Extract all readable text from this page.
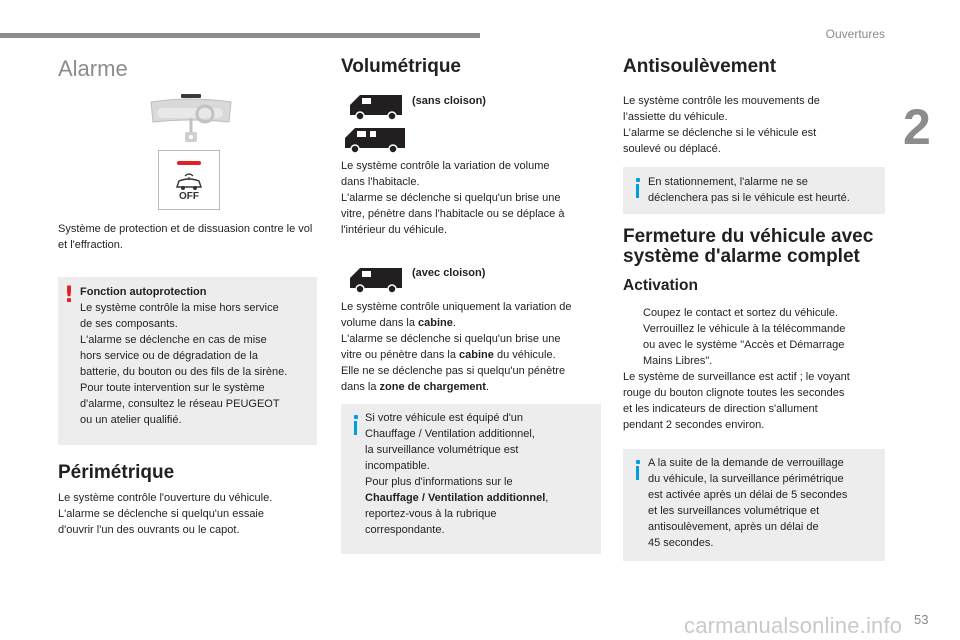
Ouvertures
2
Alarme
OFF
Système de protection et de dissuasion contre le vol et l'effraction.
! Fonction autoprotection

Le système contrôle la mise hors service

de ses composants.

L'alarme se déclenche en cas de mise

hors service ou de dégradation de la

batterie, du bouton ou des fils de la sirène.

Pour toute intervention sur le système

d'alarme, consultez le réseau PEUGEOT

ou un atelier qualifié.

Périmétrique

Le système contrôle l'ouverture du véhicule.

L'alarme se déclenche si quelqu'un essaie

d'ouvrir l'un des ouvrants ou le capot.

Volumétrique
(sans cloison)

Le système contrôle la variation de volume

dans l'habitacle.

L'alarme se déclenche si quelqu'un brise une

vitre, pénètre dans l'habitacle ou se déplace à

l'intérieur du véhicule.

(avec cloison)

Le système contrôle uniquement la variation de

volume dans la cabine.

L'alarme se déclenche si quelqu'un brise une

vitre ou pénètre dans la cabine du véhicule.

Elle ne se déclenche pas si quelqu'un pénètre

dans la zone de chargement.

Si votre véhicule est équipé d'un

Chauffage / Ventilation additionnel,

la surveillance volumétrique est

incompatible.

Pour plus d'informations sur le

Chauffage / Ventilation additionnel,

reportez-vous à la rubrique

correspondante.

Antisoulèvement

Le système contrôle les mouvements de

l’assiette du véhicule.

L’alarme se déclenche si le véhicule est

soulevé ou déplacé.

En stationnement, l'alarme ne se

déclenchera pas si le véhicule est heurté.

Fermeture du véhicule avec
système d'alarme complet
Activation
Coupez le contact et sortez du véhicule.
Verrouillez le véhicule à la télécommande
ou avec le système "Accès et Démarrage
Mains Libres".

Le système de surveillance est actif ; le voyant

rouge du bouton clignote toutes les secondes

et les indicateurs de direction s'allument

pendant 2 secondes environ.

A la suite de la demande de verrouillage

du véhicule, la surveillance périmétrique

est activée après un délai de 5 secondes

et les surveillances volumétrique et

antisoulèvement, après un délai de

45 secondes.

carmanualsonline.info 53
